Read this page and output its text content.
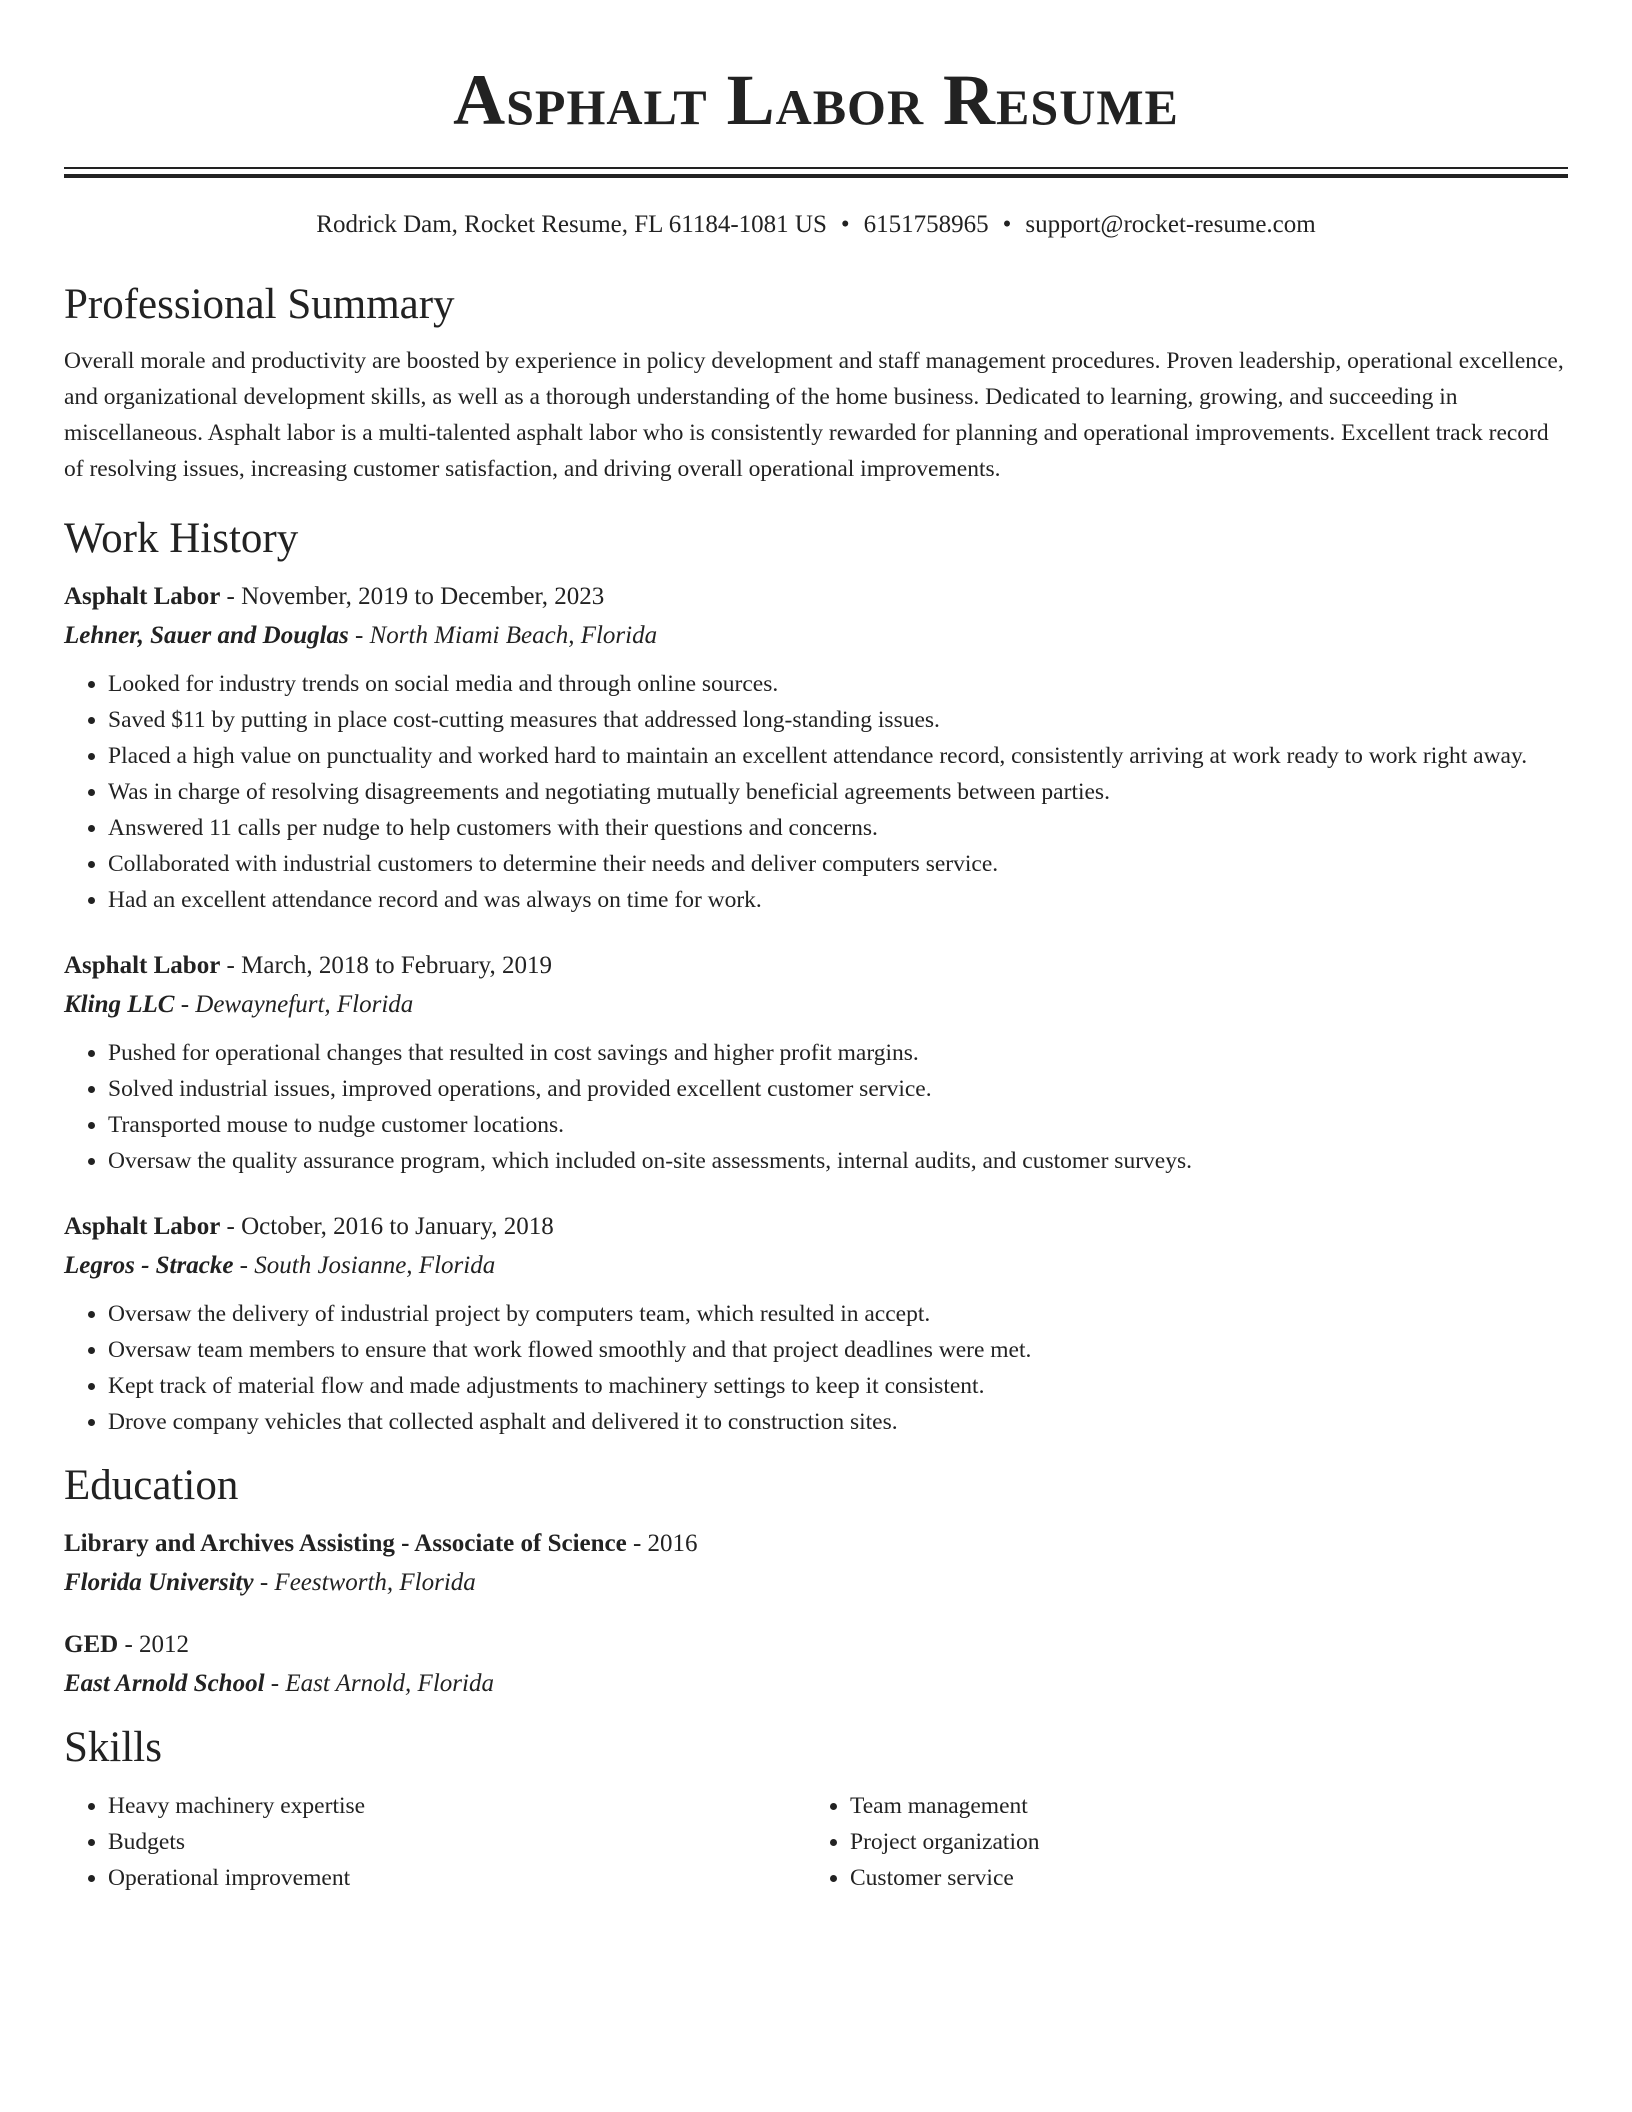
Asphalt Labor Resume
Rodrick Dam, Rocket Resume, FL 61184-1081 US • 6151758965 • support@rocket-resume.com
Professional Summary

Overall morale and productivity are boosted by experience in policy development and staff management procedures. Proven leadership, operational excellence, and organizational development skills, as well as a thorough understanding of the home business. Dedicated to learning, growing, and succeeding in miscellaneous. Asphalt labor is a multi-talented asphalt labor who is consistently rewarded for planning and operational improvements. Excellent track record of resolving issues, increasing customer satisfaction, and driving overall operational improvements.

Work History

Asphalt Labor - November, 2019 to December, 2023

Lehner, Sauer and Douglas - North Miami Beach, Florida

• Looked for industry trends on social media and through online sources.
• Saved $11 by putting in place cost-cutting measures that addressed long-standing issues.
• Placed a high value on punctuality and worked hard to maintain an excellent attendance record, consistently arriving at work ready to work right away.
• Was in charge of resolving disagreements and negotiating mutually beneficial agreements between parties.
• Answered 11 calls per nudge to help customers with their questions and concerns.
• Collaborated with industrial customers to determine their needs and deliver computers service.
• Had an excellent attendance record and was always on time for work.

Asphalt Labor - March, 2018 to February, 2019

Kling LLC - Dewaynefurt, Florida

• Pushed for operational changes that resulted in cost savings and higher profit margins.
• Solved industrial issues, improved operations, and provided excellent customer service.
• Transported mouse to nudge customer locations.
• Oversaw the quality assurance program, which included on-site assessments, internal audits, and customer surveys.

Asphalt Labor - October, 2016 to January, 2018

Legros - Stracke - South Josianne, Florida

• Oversaw the delivery of industrial project by computers team, which resulted in accept.
• Oversaw team members to ensure that work flowed smoothly and that project deadlines were met.
• Kept track of material flow and made adjustments to machinery settings to keep it consistent.
• Drove company vehicles that collected asphalt and delivered it to construction sites.
Education

Library and Archives Assisting - Associate of Science - 2016

Florida University - Feestworth, Florida

GED - 2012

East Arnold School - East Arnold, Florida

Skills
• Heavy machinery expertise
• Budgets
• Operational improvement
• Team management
• Project organization
• Customer service
